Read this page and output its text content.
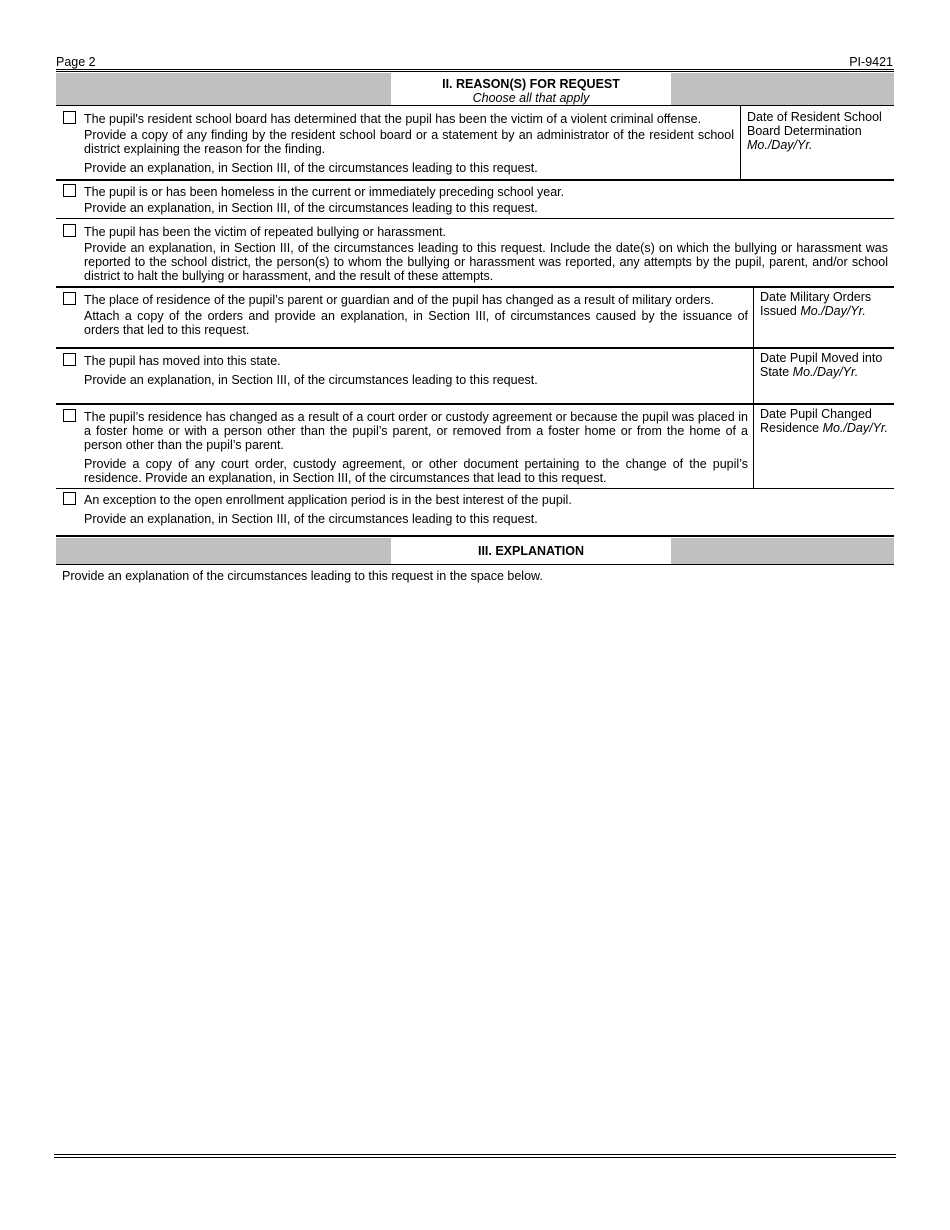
Page 2	PI-9421
II. REASON(S) FOR REQUEST
Choose all that apply
The pupil's resident school board has determined that the pupil has been the victim of a violent criminal offense.
Provide a copy of any finding by the resident school board or a statement by an administrator of the resident school district explaining the reason for the finding.
Provide an explanation, in Section III, of the circumstances leading to this request.
Date of Resident School Board Determination
Mo./Day/Yr.
The pupil is or has been homeless in the current or immediately preceding school year.
Provide an explanation, in Section III, of the circumstances leading to this request.
The pupil has been the victim of repeated bullying or harassment.
Provide an explanation, in Section III, of the circumstances leading to this request. Include the date(s) on which the bullying or harassment was reported to the school district, the person(s) to whom the bullying or harassment was reported, any attempts by the pupil, parent, and/or school district to halt the bullying or harassment, and the result of these attempts.
The place of residence of the pupil’s parent or guardian and of the pupil has changed as a result of military orders.
Attach a copy of the orders and provide an explanation, in Section III, of circumstances caused by the issuance of orders that led to this request.
Date Military Orders Issued Mo./Day/Yr.
The pupil has moved into this state.
Provide an explanation, in Section III, of the circumstances leading to this request.
Date Pupil Moved into State Mo./Day/Yr.
The pupil’s residence has changed as a result of a court order or custody agreement or because the pupil was placed in a foster home or with a person other than the pupil’s parent, or removed from a foster home or from the home of a person other than the pupil’s parent.
Provide a copy of any court order, custody agreement, or other document pertaining to the change of the pupil’s residence. Provide an explanation, in Section III, of the circumstances that lead to this request.
Date Pupil Changed Residence Mo./Day/Yr.
An exception to the open enrollment application period is in the best interest of the pupil.
Provide an explanation, in Section III, of the circumstances leading to this request.
III. EXPLANATION
Provide an explanation of the circumstances leading to this request in the space below.
